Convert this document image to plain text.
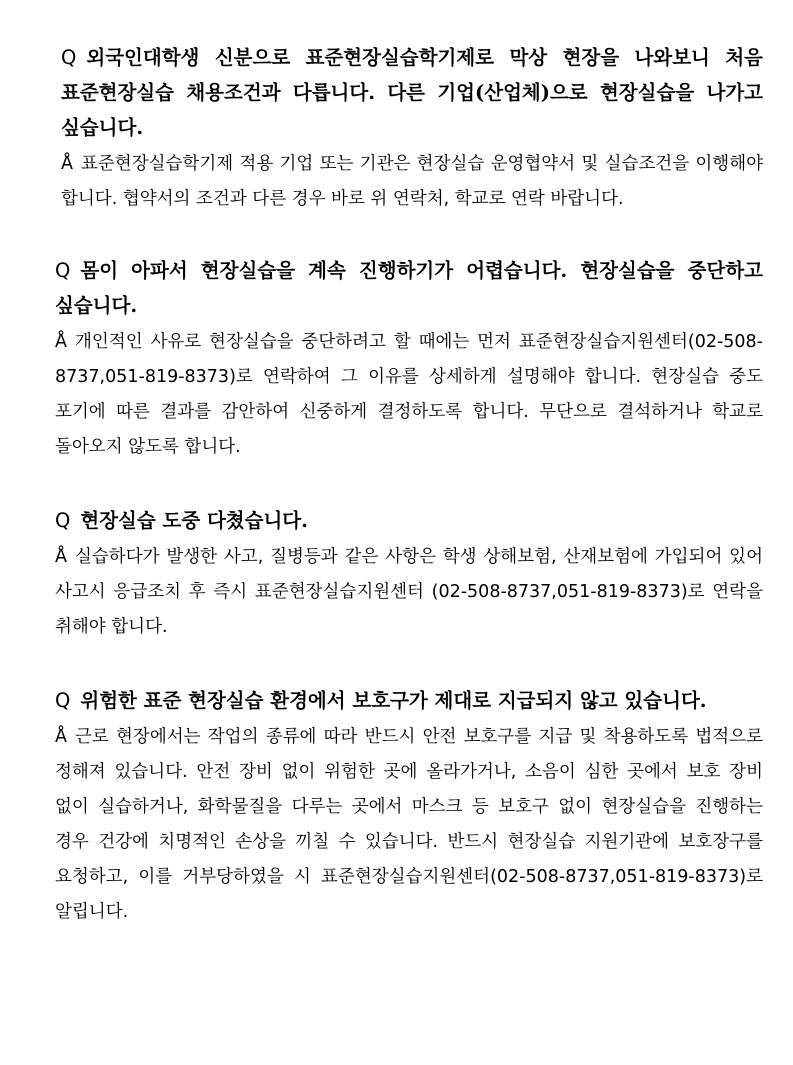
Q 외국인대학생 신분으로 표준현장실습학기제로 막상 현장을 나와보니 처음 표준현장실습 채용조건과 다릅니다. 다른 기업(산업체)으로 현장실습을 나가고 싶습니다.

Å 표준현장실습학기제 적용 기업 또는 기관은 현장실습 운영협약서 및 실습조건을 이행해야 합니다. 협약서의 조건과 다른 경우 바로 위 연락처, 학교로 연락 바랍니다.

Q 몸이 아파서 현장실습을 계속 진행하기가 어렵습니다. 현장실습을 중단하고 싶습니다.

Å 개인적인 사유로 현장실습을 중단하려고 할 때에는 먼저 표준현장실습지원센터(02-508-8737,051-819-8373)로 연락하여 그 이유를 상세하게 설명해야 합니다. 현장실습 중도 포기에 따른 결과를 감안하여 신중하게 결정하도록 합니다. 무단으로 결석하거나 학교로 돌아오지 않도록 합니다.

Q 현장실습 도중 다쳤습니다.

Å 실습하다가 발생한 사고, 질병등과 같은 사항은 학생 상해보험, 산재보험에 가입되어 있어 사고시 응급조치 후 즉시 표준현장실습지원센터 (02-508-8737,051-819-8373)로 연락을 취해야 합니다.

Q 위험한 표준 현장실습 환경에서 보호구가 제대로 지급되지 않고 있습니다.

Å 근로 현장에서는 작업의 종류에 따라 반드시 안전 보호구를 지급 및 착용하도록 법적으로 정해져 있습니다. 안전 장비 없이 위험한 곳에 올라가거나, 소음이 심한 곳에서 보호 장비 없이 실습하거나, 화학물질을 다루는 곳에서 마스크 등 보호구 없이 현장실습을 진행하는 경우 건강에 치명적인 손상을 끼칠 수 있습니다. 반드시 현장실습 지원기관에 보호장구를 요청하고, 이를 거부당하였을 시 표준현장실습지원센터(02-508-8737,051-819-8373)로 알립니다.
